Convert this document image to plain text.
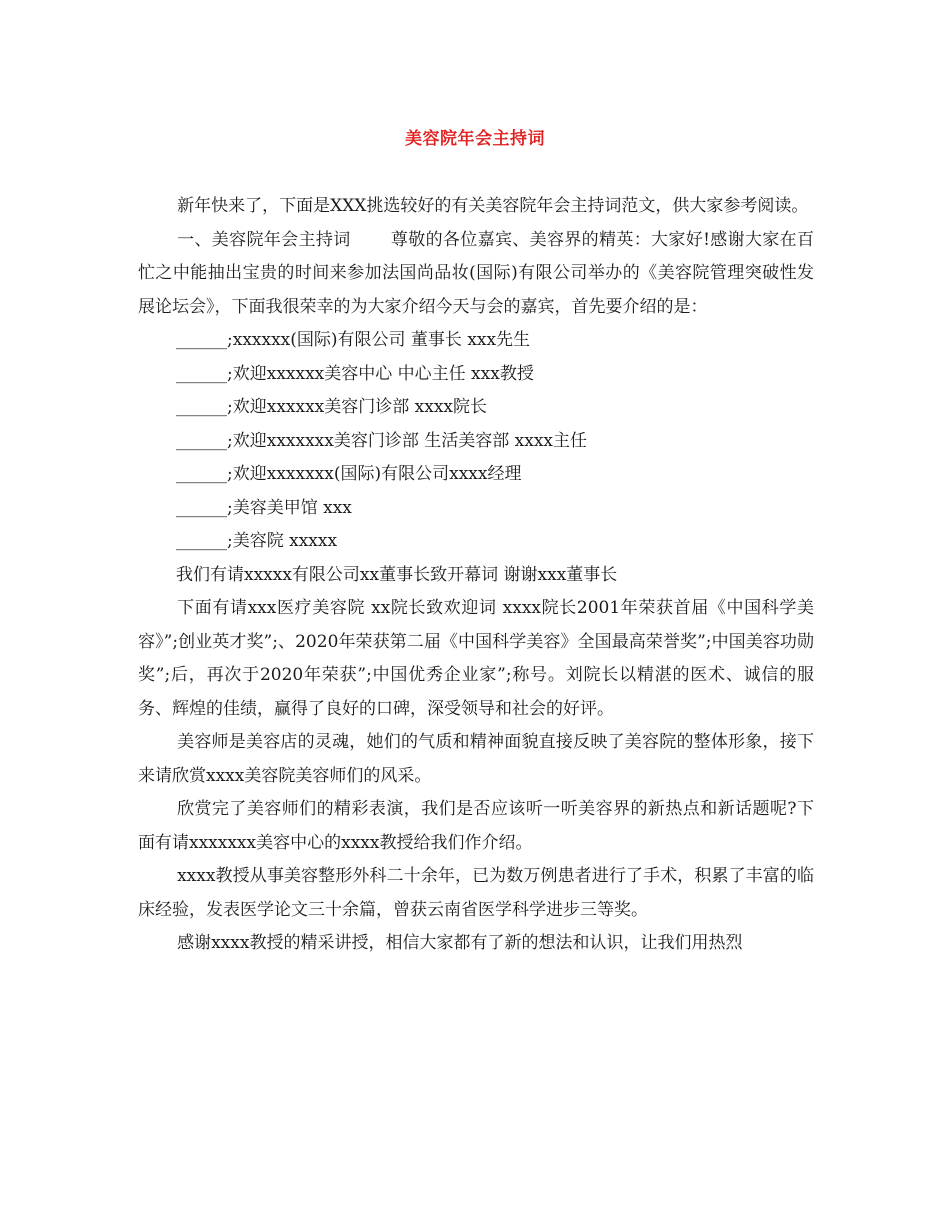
美容院年会主持词

新年快来了，下面是XXX挑选较好的有关美容院年会主持词范文，供大家参考阅读。

一、美容院年会主持词 尊敬的各位嘉宾、美容界的精英：大家好!感谢大家在百忙之中能抽出宝贵的时间来参加法国尚品妆(国际)有限公司举办的《美容院管理突破性发展论坛会》，下面我很荣幸的为大家介绍今天与会的嘉宾，首先要介绍的是：

______;xxxxxx(国际)有限公司 董事长 xxx先生

______;欢迎xxxxxx美容中心 中心主任 xxx教授

______;欢迎xxxxxx美容门诊部 xxxx院长

______;欢迎xxxxxxx美容门诊部 生活美容部 xxxx主任

______;欢迎xxxxxxx(国际)有限公司xxxx经理

______;美容美甲馆 xxx

______;美容院 xxxxx

我们有请xxxxx有限公司xx董事长致开幕词 谢谢xxx董事长

下面有请xxx医疗美容院 xx院长致欢迎词 xxxx院长2001年荣获首届《中国科学美容》”;创业英才奖”;、2020年荣获第二届《中国科学美容》全国最高荣誉奖”;中国美容功勋奖”;后，再次于2020年荣获”;中国优秀企业家”;称号。刘院长以精湛的医术、诚信的服务、辉煌的佳绩，赢得了良好的口碑，深受领导和社会的好评。

美容师是美容店的灵魂，她们的气质和精神面貌直接反映了美容院的整体形象，接下来请欣赏xxxx美容院美容师们的风采。

欣赏完了美容师们的精彩表演，我们是否应该听一听美容界的新热点和新话题呢?下面有请xxxxxxx美容中心的xxxx教授给我们作介绍。

xxxx教授从事美容整形外科二十余年，已为数万例患者进行了手术，积累了丰富的临床经验，发表医学论文三十余篇，曾获云南省医学科学进步三等奖。

感谢xxxx教授的精采讲授，相信大家都有了新的想法和认识，让我们用热烈
